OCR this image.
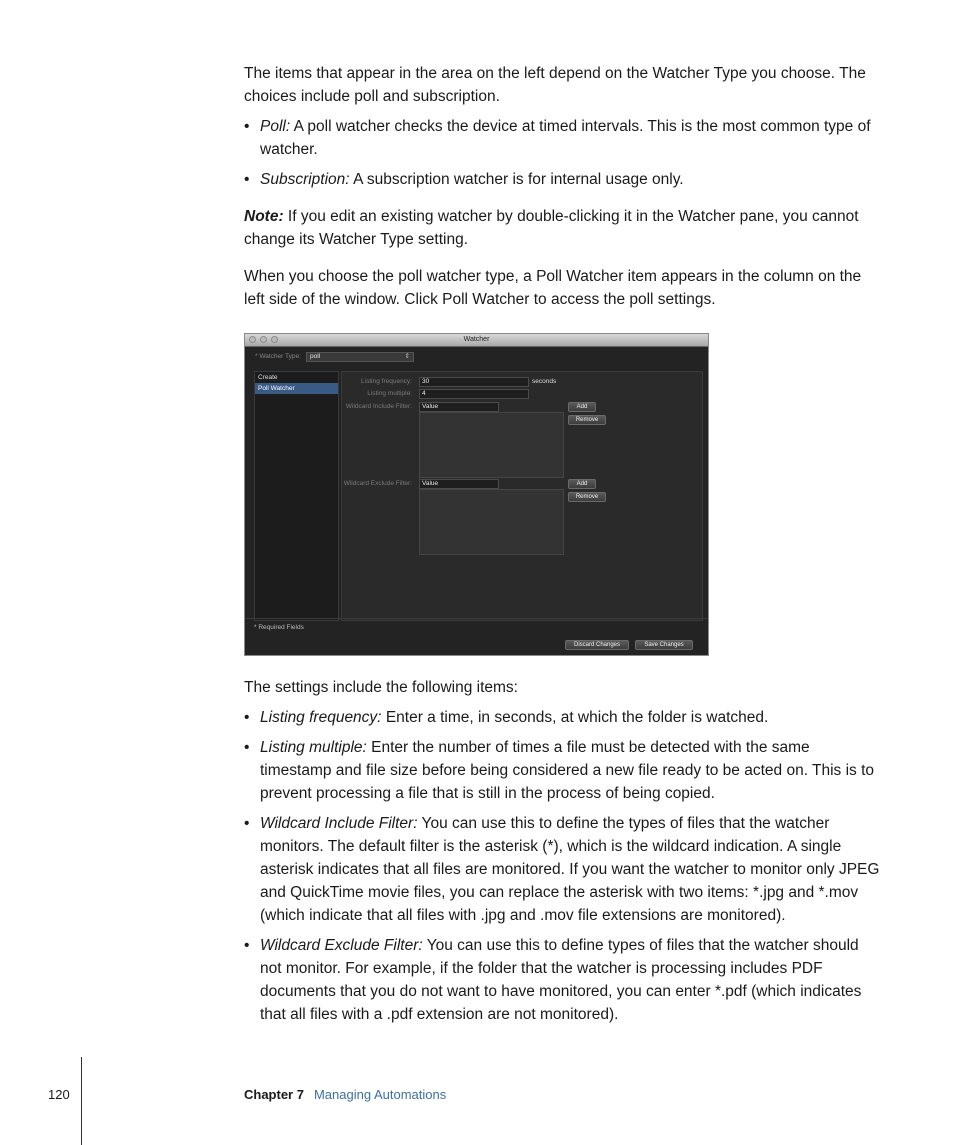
The items that appear in the area on the left depend on the Watcher Type you choose. The choices include poll and subscription.

• Poll: A poll watcher checks the device at timed intervals. This is the most common type of watcher.
• Subscription: A subscription watcher is for internal usage only.

Note: If you edit an existing watcher by double-clicking it in the Watcher pane, you cannot change its Watcher Type setting.

When you choose the poll watcher type, a Poll Watcher item appears in the column on the left side of the window. Click Poll Watcher to access the poll settings.

Watcher
* Watcher Type:	poll	⇕
Create
Poll Watcher
Listing frequency:	30	seconds
Listing multiple:	4
Wildcard Include Filter:	Value	Add
Remove
Wildcard Exclude Filter:	Value	Add
Remove
* Required Fields
Discard Changes	Save Changes

The settings include the following items:

• Listing frequency: Enter a time, in seconds, at which the folder is watched.
• Listing multiple: Enter the number of times a file must be detected with the same timestamp and file size before being considered a new file ready to be acted on. This is to prevent processing a file that is still in the process of being copied.
• Wildcard Include Filter: You can use this to define the types of files that the watcher monitors. The default filter is the asterisk (*), which is the wildcard indication. A single asterisk indicates that all files are monitored. If you want the watcher to monitor only JPEG and QuickTime movie files, you can replace the asterisk with two items: *.jpg and *.mov (which indicate that all files with .jpg and .mov file extensions are monitored).
• Wildcard Exclude Filter: You can use this to define types of files that the watcher should not monitor. For example, if the folder that the watcher is processing includes PDF documents that you do not want to have monitored, you can enter *.pdf (which indicates that all files with a .pdf extension are not monitored).
120	Chapter 7 Managing Automations
